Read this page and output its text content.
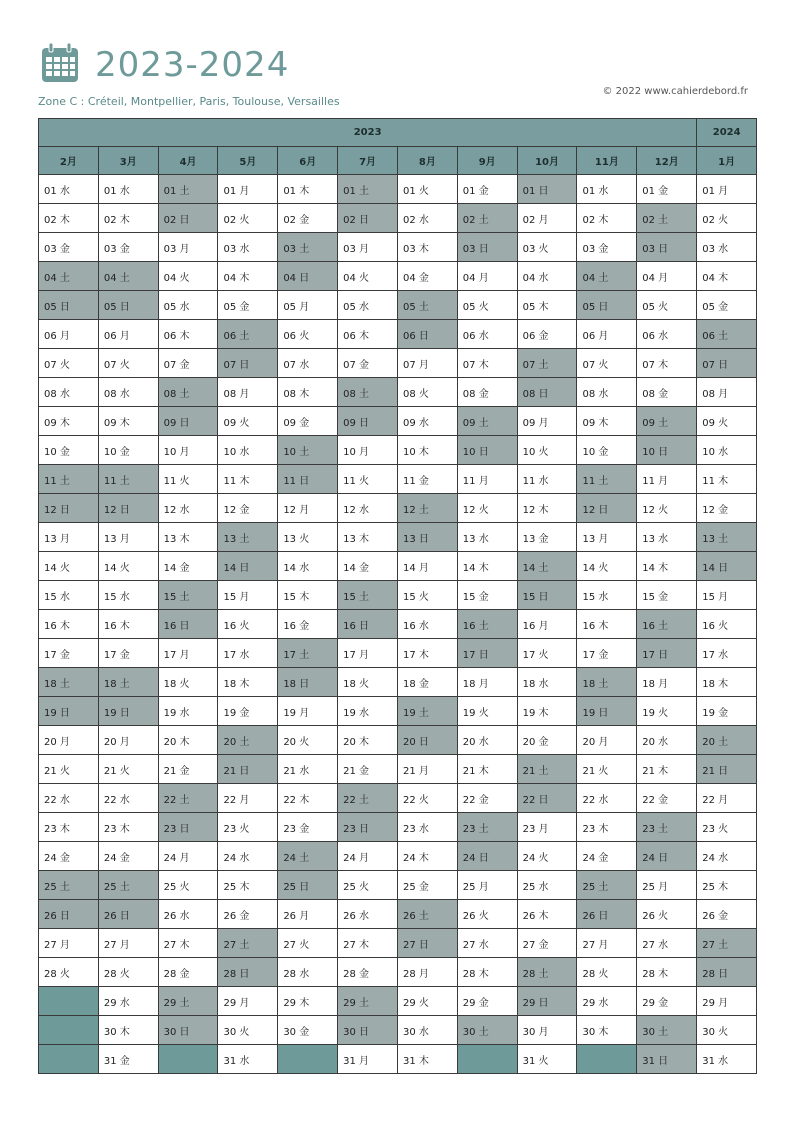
2023-2024
Zone C : Créteil, Montpellier, Paris, Toulouse, Versailles
© 2022 www.cahierdebord.fr
2023											2024
2月	3月	4月	5月	6月	7月	8月	9月	10月	11月	12月	1月
01 水	01 水	01 土	01 月	01 木	01 土	01 火	01 金	01 日	01 水	01 金	01 月
02 木	02 木	02 日	02 火	02 金	02 日	02 水	02 土	02 月	02 木	02 土	02 火
03 金	03 金	03 月	03 水	03 土	03 月	03 木	03 日	03 火	03 金	03 日	03 水
04 土	04 土	04 火	04 木	04 日	04 火	04 金	04 月	04 水	04 土	04 月	04 木
05 日	05 日	05 水	05 金	05 月	05 水	05 土	05 火	05 木	05 日	05 火	05 金
06 月	06 月	06 木	06 土	06 火	06 木	06 日	06 水	06 金	06 月	06 水	06 土
07 火	07 火	07 金	07 日	07 水	07 金	07 月	07 木	07 土	07 火	07 木	07 日
08 水	08 水	08 土	08 月	08 木	08 土	08 火	08 金	08 日	08 水	08 金	08 月
09 木	09 木	09 日	09 火	09 金	09 日	09 水	09 土	09 月	09 木	09 土	09 火
10 金	10 金	10 月	10 水	10 土	10 月	10 木	10 日	10 火	10 金	10 日	10 水
11 土	11 土	11 火	11 木	11 日	11 火	11 金	11 月	11 水	11 土	11 月	11 木
12 日	12 日	12 水	12 金	12 月	12 水	12 土	12 火	12 木	12 日	12 火	12 金
13 月	13 月	13 木	13 土	13 火	13 木	13 日	13 水	13 金	13 月	13 水	13 土
14 火	14 火	14 金	14 日	14 水	14 金	14 月	14 木	14 土	14 火	14 木	14 日
15 水	15 水	15 土	15 月	15 木	15 土	15 火	15 金	15 日	15 水	15 金	15 月
16 木	16 木	16 日	16 火	16 金	16 日	16 水	16 土	16 月	16 木	16 土	16 火
17 金	17 金	17 月	17 水	17 土	17 月	17 木	17 日	17 火	17 金	17 日	17 水
18 土	18 土	18 火	18 木	18 日	18 火	18 金	18 月	18 水	18 土	18 月	18 木
19 日	19 日	19 水	19 金	19 月	19 水	19 土	19 火	19 木	19 日	19 火	19 金
20 月	20 月	20 木	20 土	20 火	20 木	20 日	20 水	20 金	20 月	20 水	20 土
21 火	21 火	21 金	21 日	21 水	21 金	21 月	21 木	21 土	21 火	21 木	21 日
22 水	22 水	22 土	22 月	22 木	22 土	22 火	22 金	22 日	22 水	22 金	22 月
23 木	23 木	23 日	23 火	23 金	23 日	23 水	23 土	23 月	23 木	23 土	23 火
24 金	24 金	24 月	24 水	24 土	24 月	24 木	24 日	24 火	24 金	24 日	24 水
25 土	25 土	25 火	25 木	25 日	25 火	25 金	25 月	25 水	25 土	25 月	25 木
26 日	26 日	26 水	26 金	26 月	26 水	26 土	26 火	26 木	26 日	26 火	26 金
27 月	27 月	27 木	27 土	27 火	27 木	27 日	27 水	27 金	27 月	27 水	27 土
28 火	28 火	28 金	28 日	28 水	28 金	28 月	28 木	28 土	28 火	28 木	28 日
	29 水	29 土	29 月	29 木	29 土	29 火	29 金	29 日	29 水	29 金	29 月
	30 木	30 日	30 火	30 金	30 日	30 水	30 土	30 月	30 木	30 土	30 火
	31 金		31 水		31 月	31 木		31 火		31 日	31 水
